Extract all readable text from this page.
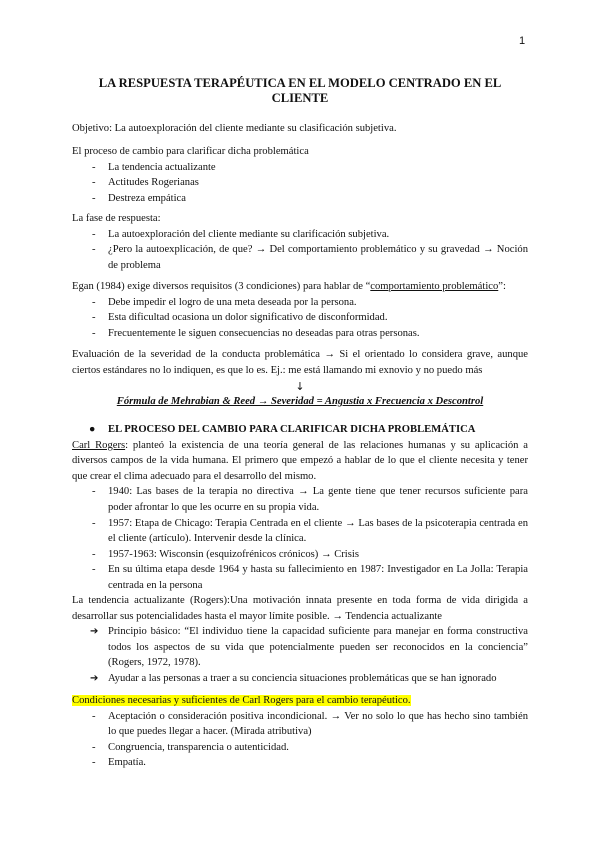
1
LA RESPUESTA TERAPÉUTICA EN EL MODELO CENTRADO EN EL CLIENTE
Objetivo: La autoexploración del cliente mediante su clasificación subjetiva.
El proceso de cambio para clarificar dicha problemática
- La tendencia actualizante
- Actitudes Rogerianas
- Destreza empática
La fase de respuesta:
- La autoexploración del cliente mediante su clarificación subjetiva.
- ¿Pero la autoexplicación, de que? → Del comportamiento problemático y su gravedad → Noción de problema
Egan (1984) exige diversos requisitos (3 condiciones) para hablar de “comportamiento problemático”:
- Debe impedir el logro de una meta deseada por la persona.
- Esta dificultad ocasiona un dolor significativo de disconformidad.
- Frecuentemente le siguen consecuencias no deseadas para otras personas.
Evaluación de la severidad de la conducta problemática → Si el orientado lo considera grave, aunque ciertos estándares no lo indiquen, es que lo es. Ej.: me está llamando mi exnovio y no puedo más
↓
Fórmula de Mehrabian & Reed → Severidad = Angustia x Frecuencia x Descontrol
● EL PROCESO DEL CAMBIO PARA CLARIFICAR DICHA PROBLEMÁTICA
Carl Rogers: planteó la existencia de una teoría general de las relaciones humanas y su aplicación a diversos campos de la vida humana. El primero que empezó a hablar de lo que el cliente necesita y tener que crear el clima adecuado para el desarrollo del mismo.
- 1940: Las bases de la terapia no directiva → La gente tiene que tener recursos suficiente para poder afrontar lo que les ocurre en su propia vida.
- 1957: Etapa de Chicago: Terapia Centrada en el cliente → Las bases de la psicoterapia centrada en el cliente (artículo). Intervenir desde la clínica.
- 1957-1963: Wisconsin (esquizofrénicos crónicos) → Crisis
- En su última etapa desde 1964 y hasta su fallecimiento en 1987: Investigador en La Jolla: Terapia centrada en la persona
La tendencia actualizante (Rogers):Una motivación innata presente en toda forma de vida dirigida a desarrollar sus potencialidades hasta el mayor límite posible. → Tendencia actualizante
➔ Principio básico: “El individuo tiene la capacidad suficiente para manejar en forma constructiva todos los aspectos de su vida que potencialmente pueden ser reconocidos en la conciencia” (Rogers, 1972, 1978).
➔ Ayudar a las personas a traer a su conciencia situaciones problemáticas que se han ignorado
Condiciones necesarias y suficientes de Carl Rogers para el cambio terapéutico.
- Aceptación o consideración positiva incondicional. → Ver no solo lo que has hecho sino también lo que puedes llegar a hacer. (Mirada atributiva)
- Congruencia, transparencia o autenticidad.
- Empatía.
